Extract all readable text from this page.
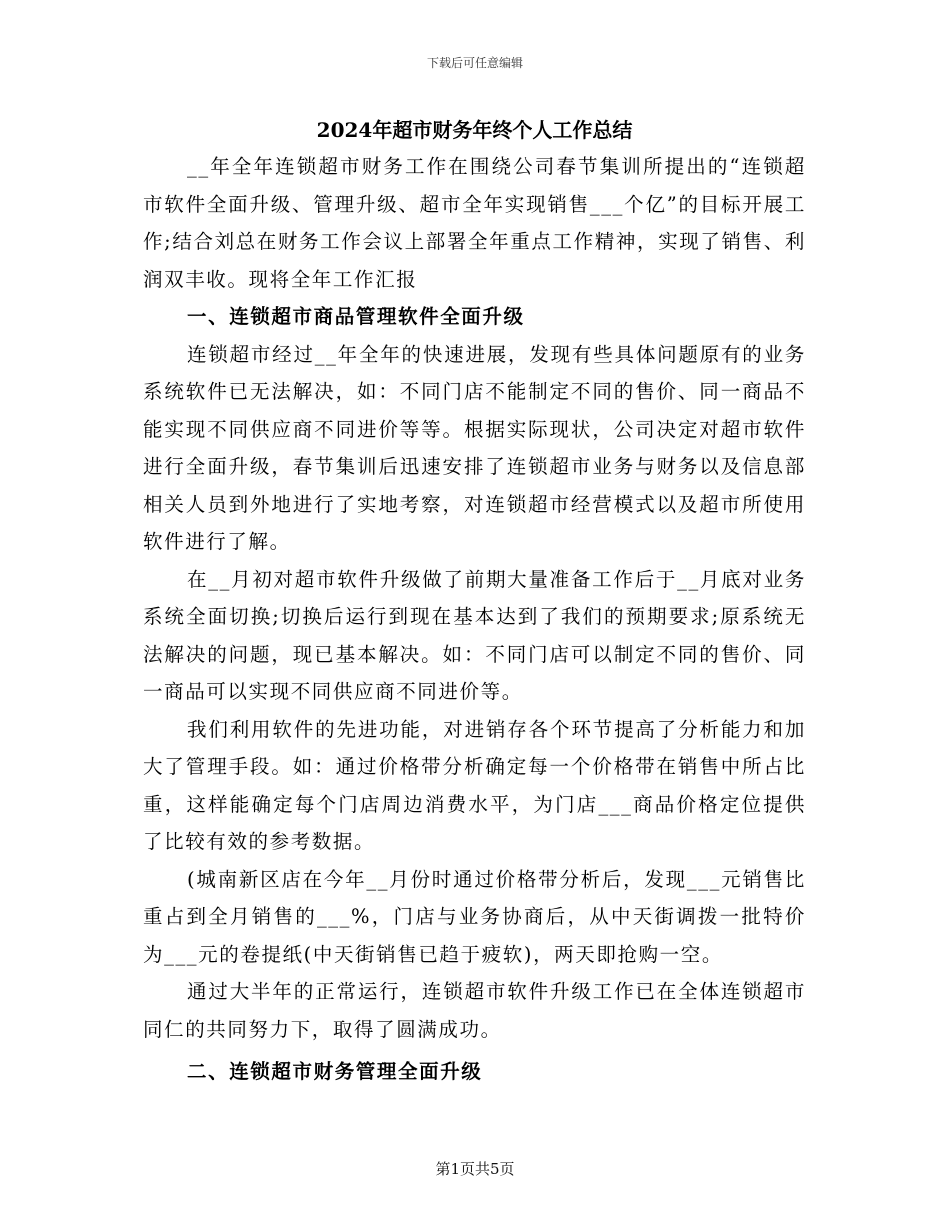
下载后可任意编辑
2024年超市财务年终个人工作总结

__年全年连锁超市财务工作在围绕公司春节集训所提出的“连锁超市软件全面升级、管理升级、超市全年实现销售___个亿”的目标开展工作;结合刘总在财务工作会议上部署全年重点工作精神，实现了销售、利润双丰收。现将全年工作汇报

一、连锁超市商品管理软件全面升级

连锁超市经过__年全年的快速进展，发现有些具体问题原有的业务系统软件已无法解决，如：不同门店不能制定不同的售价、同一商品不能实现不同供应商不同进价等等。根据实际现状，公司决定对超市软件进行全面升级，春节集训后迅速安排了连锁超市业务与财务以及信息部相关人员到外地进行了实地考察，对连锁超市经营模式以及超市所使用软件进行了解。

在__月初对超市软件升级做了前期大量准备工作后于__月底对业务系统全面切换;切换后运行到现在基本达到了我们的预期要求;原系统无法解决的问题，现已基本解决。如：不同门店可以制定不同的售价、同一商品可以实现不同供应商不同进价等。

我们利用软件的先进功能，对进销存各个环节提高了分析能力和加大了管理手段。如：通过价格带分析确定每一个价格带在销售中所占比重，这样能确定每个门店周边消费水平，为门店___商品价格定位提供了比较有效的参考数据。

(城南新区店在今年__月份时通过价格带分析后，发现___元销售比重占到全月销售的___%，门店与业务协商后，从中天街调拨一批特价为___元的卷提纸(中天街销售已趋于疲软)，两天即抢购一空。

通过大半年的正常运行，连锁超市软件升级工作已在全体连锁超市同仁的共同努力下，取得了圆满成功。

二、连锁超市财务管理全面升级

第1页共5页
